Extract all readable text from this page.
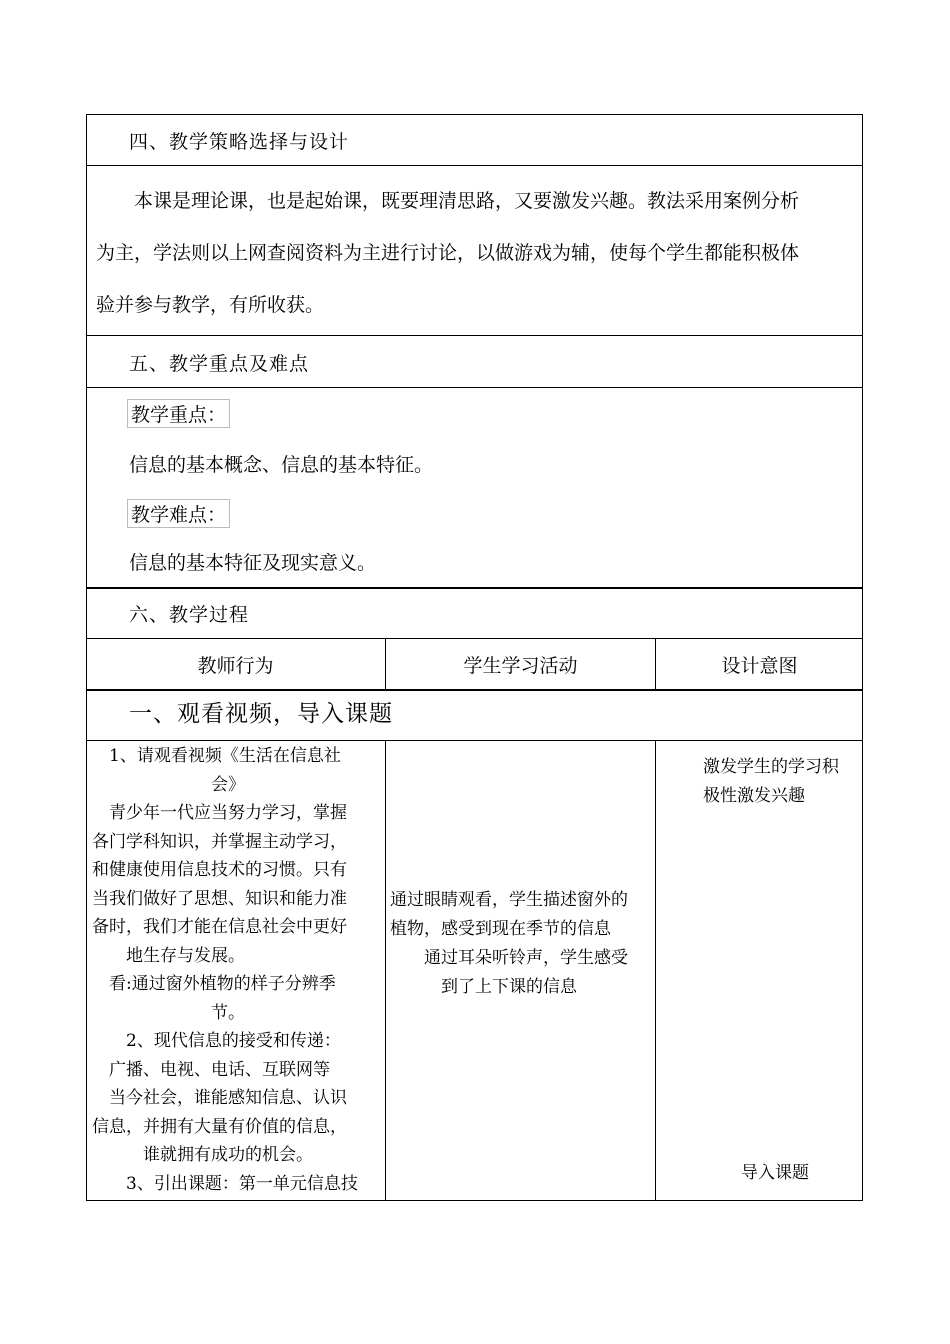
四、教学策略选择与设计
　　本课是理论课，也是起始课，既要理清思路，又要激发兴趣。教法采用案例分析
为主，学法则以上网查阅资料为主进行讨论，以做游戏为辅，使每个学生都能积极体
验并参与教学，有所收获。
五、教学重点及难点
教学重点：
信息的基本概念、信息的基本特征。
教学难点：
信息的基本特征及现实意义。
六、教学过程
教师行为	学生学习活动	设计意图
一、观看视频，导入课题
　1、请观看视频《生活在信息社
　　　　　　　会》
　青少年一代应当努力学习，掌握
各门学科知识，并掌握主动学习，
和健康使用信息技术的习惯。只有
当我们做好了思想、知识和能力准
备时，我们才能在信息社会中更好
　　地生存与发展。
　看:通过窗外植物的样子分辨季
　　　　　　　节。
　　2、现代信息的接受和传递：
　广播、电视、电话、互联网等
　当今社会，谁能感知信息、认识
信息，并拥有大量有价值的信息，
　　　谁就拥有成功的机会。
　　3、引出课题：第一单元信息技
通过眼睛观看，学生描述窗外的
植物，感受到现在季节的信息
　　通过耳朵听铃声，学生感受
　　　到了上下课的信息
激发学生的学习积
极性激发兴趣
导入课题
